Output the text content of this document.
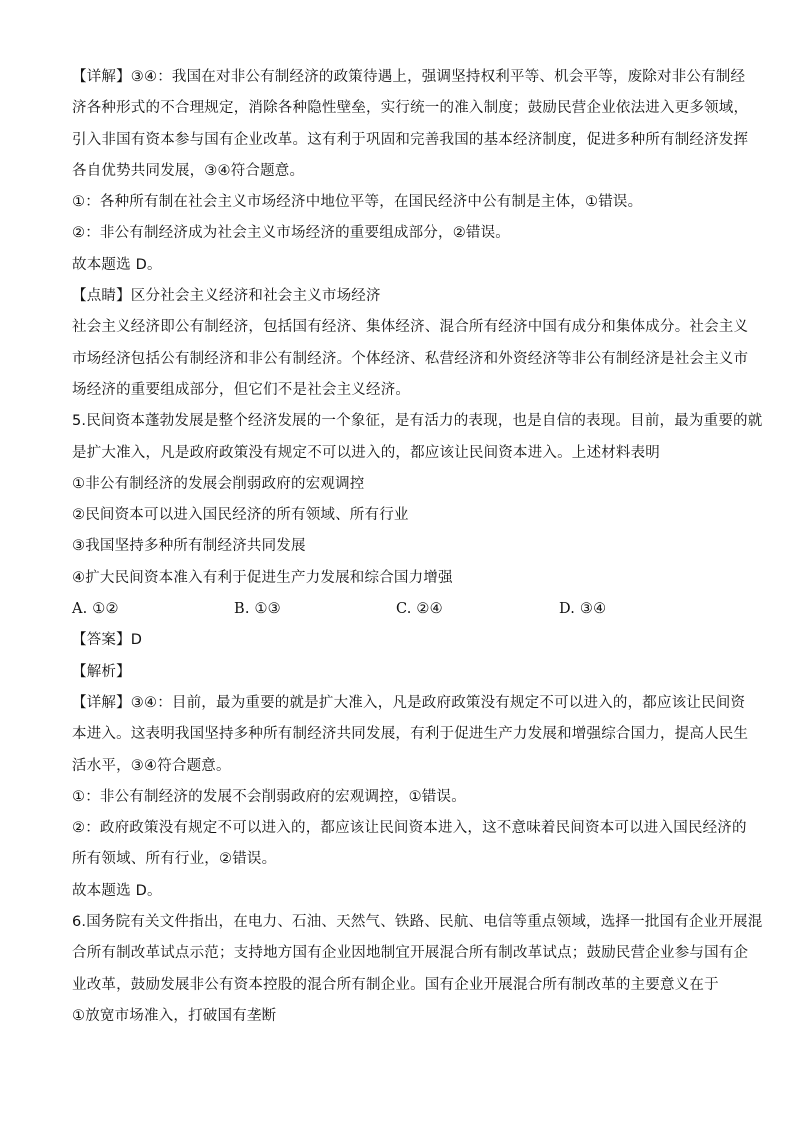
【详解】③④：我国在对非公有制经济的政策待遇上，强调坚持权利平等、机会平等，废除对非公有制经
济各种形式的不合理规定，消除各种隐性壁垒，实行统一的准入制度；鼓励民营企业依法进入更多领域，
引入非国有资本参与国有企业改革。这有利于巩固和完善我国的基本经济制度，促进多种所有制经济发挥
各自优势共同发展，③④符合题意。
①：各种所有制在社会主义市场经济中地位平等，在国民经济中公有制是主体，①错误。
②：非公有制经济成为社会主义市场经济的重要组成部分，②错误。
故本题选 D。
【点睛】区分社会主义经济和社会主义市场经济
社会主义经济即公有制经济，包括国有经济、集体经济、混合所有经济中国有成分和集体成分。社会主义
市场经济包括公有制经济和非公有制经济。个体经济、私营经济和外资经济等非公有制经济是社会主义市
场经济的重要组成部分，但它们不是社会主义经济。
5.民间资本蓬勃发展是整个经济发展的一个象征，是有活力的表现，也是自信的表现。目前，最为重要的就
是扩大准入，凡是政府政策没有规定不可以进入的，都应该让民间资本进入。上述材料表明
①非公有制经济的发展会削弱政府的宏观调控
②民间资本可以进入国民经济的所有领域、所有行业
③我国坚持多种所有制经济共同发展
④扩大民间资本准入有利于促进生产力发展和综合国力增强
A. ①②	B. ①③	C. ②④	D. ③④
【答案】D
【解析】
【详解】③④：目前，最为重要的就是扩大准入，凡是政府政策没有规定不可以进入的，都应该让民间资
本进入。这表明我国坚持多种所有制经济共同发展，有利于促进生产力发展和增强综合国力，提高人民生
活水平，③④符合题意。
①：非公有制经济的发展不会削弱政府的宏观调控，①错误。
②：政府政策没有规定不可以进入的，都应该让民间资本进入，这不意味着民间资本可以进入国民经济的
所有领域、所有行业，②错误。
故本题选 D。
6.国务院有关文件指出，在电力、石油、天然气、铁路、民航、电信等重点领域，选择一批国有企业开展混
合所有制改革试点示范；支持地方国有企业因地制宜开展混合所有制改革试点；鼓励民营企业参与国有企
业改革，鼓励发展非公有资本控股的混合所有制企业。国有企业开展混合所有制改革的主要意义在于
①放宽市场准入，打破国有垄断
